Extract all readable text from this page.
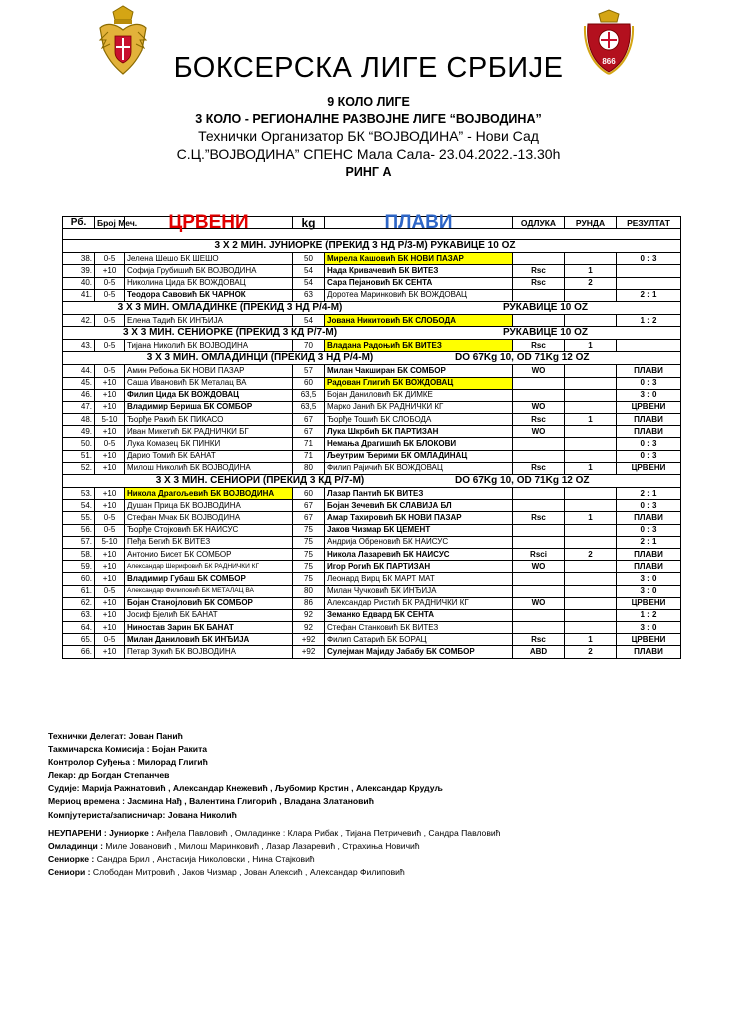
866
БОКСЕРСКА ЛИГЕ СРБИЈЕ
9 КОЛО ЛИГЕ
3 КОЛО - РЕГИОНАЛНЕ РАЗВОЈНЕ ЛИГЕ “ВОЈВОДИНА”
Технички Организатор БК “ВОЈВОДИНА” - Нови Сад
С.Ц.”ВОЈВОДИНА” СПЕНС Мала Сала- 23.04.2022.-13.30h
РИНГ А
Рб.	Број Меч.	ЦРВЕНИ	kg	ПЛАВИ	ОДЛУКА	РУНДА	РЕЗУЛТАТ

3 Х 2 МИН. ЈУНИОРКЕ (ПРЕКИД 3 НД Р/3-М) РУКАВИЦЕ 10 OZ							
38.	0-5	Јелена Шешо БК ШЕШО	50	Мирела Кашовић БК НОВИ ПАЗАР			0 : 3
39.	+10	Софија Грубишић БК ВОЈВОДИНА	54	Нада Кривачевић БК ВИТЕЗ	Rsc	1	
40.	0-5	Николина Цида БК ВОЖДОВАЦ	54	Сара Пејановић БК СЕНТА	Rsc	2	
41.	0-5	Теодора Савовић БК ЧАРНОК	63	Доротеа Маринковић БК ВОЖДОВАЦ			2 : 1
3 Х 3 МИН. ОМЛАДИНКЕ (ПРЕКИД 3 НД Р/4-М) РУКАВИЦЕ 10 OZ							
42.	0-5	Елена Тадић БК ИНЂИЈА	54	Јована Никитовић БК СЛОБОДА			1 : 2
3 Х 3 МИН. СЕНИОРКЕ (ПРЕКИД 3 КД Р/7-М) РУКАВИЦЕ 10 OZ							
43.	0-5	Тијана Николић БК ВОЈВОДИНА	70	Владана Радоњић БК ВИТЕЗ	Rsc	1	
3 Х 3 МИН. ОМЛАДИНЦИ (ПРЕКИД 3 НД Р/4-М) DO 67Kg 10, OD 71Kg 12 OZ							
44.	0-5	Амин Ребоња БК НОВИ ПАЗАР	57	Милан Чакширан БК СОМБОР	WO		ПЛАВИ
45.	+10	Саша Ивановић БК Металац ВА	60	Радован Глигић БК ВОЖДОВАЦ			0 : 3
46.	+10	Филип Цида БК ВОЖДОВАЦ	63,5	Бојан Даниловић БК ДИМКЕ			3 : 0
47.	+10	Владимир Бериша БК СОМБОР	63,5	Марко Јанић БК РАДНИЧКИ КГ	WO		ЦРВЕНИ
48.	5-10	Ђорђе Ракић БК ПИКАСО	67	Ђорђе Тошић БК СЛОБОДА	Rsc	1	ПЛАВИ
49.	+10	Иван Микетић БК РАДНИЧКИ БГ	67	Лука Шкрбић БК ПАРТИЗАН	WO		ПЛАВИ
50.	0-5	Лука Комазец БК ПИНКИ	71	Немања Драгишић БК БЛОКОВИ			0 : 3
51.	+10	Дарио Томић БК БАНАТ	71	Љеутрим Ђерими БК ОМЛАДИНАЦ			0 : 3
52.	+10	Милош Николић БК ВОЈВОДИНА	80	Филип Рајичић БК ВОЖДОВАЦ	Rsc	1	ЦРВЕНИ
3 Х 3 МИН. СЕНИОРИ (ПРЕКИД 3 КД Р/7-М) DO 67Kg 10, OD 71Kg 12 OZ							
53.	+10	Никола Драгољевић БК ВОЈВОДИНА	60	Лазар Пантић БК ВИТЕЗ			2 : 1
54.	+10	Душан Прица БК ВОЈВОДИНА	67	Бојан Зечевић БК СЛАВИЈА БЛ			0 : 3
55.	0-5	Стефан Мчак БК ВОЈВОДИНА	67	Амар Тахировић БК НОВИ ПАЗАР	Rsc	1	ПЛАВИ
56.	0-5	Ђорђе Стојковић БК НАИСУС	75	Јаков Чизмар БК ЦЕМЕНТ			0 : 3
57.	5-10	Пеђа Бегић БК ВИТЕЗ	75	Андрија Обреновић БК НАИСУС			2 : 1
58.	+10	Антонио Бисет БК СОМБОР	75	Никола Лазаревић БК НАИСУС	Rsci	2	ПЛАВИ
59.	+10	Александар Шерифовић БК РАДНИЧКИ КГ	75	Игор Рогић БК ПАРТИЗАН	WO		ПЛАВИ
60.	+10	Владимир Губаш БК СОМБОР	75	Леонард Вирц БК МАРТ МАТ			3 : 0
61.	0-5	Александар Филиповић БК МЕТАЛАЦ ВА	80	Милан Чучковић БК ИНЂИЈА			3 : 0
62.	+10	Бојан Станојловић БК СОМБОР	86	Александар Ристић БК РАДНИЧКИ КГ	WO		ЦРВЕНИ
63.	+10	Јосиф Бјелић БК БАНАТ	92	Земанко Едвард БК СЕНТА			1 : 2
64.	+10	Ниностав Зарин БК БАНАТ	92	Стефан Станковић БК ВИТЕЗ			3 : 0
65.	0-5	Милан Даниловић БК ИНЂИЈА	+92	Филип Сатарић БК БОРАЦ	Rsc	1	ЦРВЕНИ
66.	+10	Петар Зукић БК ВОЈВОДИНА	+92	Сулејман Мајиду Јабабу БК СОМБОР	ABD	2	ПЛАВИ
Технички Делегат: Јован Панић
Такмичарска Комисија : Бојан Ракита
Контролор Суђења : Милорад Глигић
Лекар: др Богдан Степанчев
Судије: Марија Ражнатовић , Александар Кнежевић , Љубомир Крстин , Александар Крудуљ
Мериоц времена : Јасмина Нађ , Валентина Глигорић , Владана Златановић
Компјутериста/записничар: Јована Николић
НЕУПАРЕНИ : Јуниорке : Анђела Павловић , Омладинке : Клара Рибак , Тијана Петричевић , Сандра Павловић
Омладинци : Миле Јовановић , Милош Маринковић , Лазар Лазаревић , Страхиња Новичић
Сениорке : Сандра Брил , Анстасија Николовски , Нина Стајковић
Сениори : Слободан Митровић , Јаков Чизмар , Јован Алексић , Александар Филиповић
